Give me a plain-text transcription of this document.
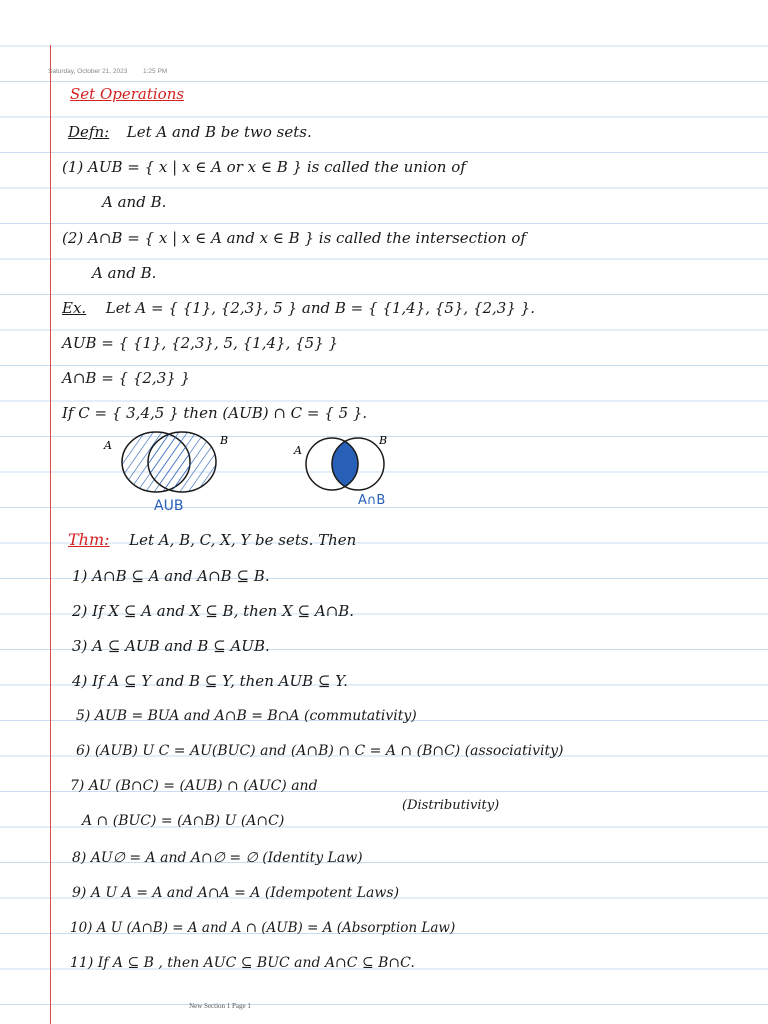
Saturday, October 21, 2023 1:25 PM
Set Operations
Defn: Let A and B be two sets.
(1) AUB = { x | x ∈ A or x ∈ B } is called the union of
A and B.
(2) A∩B = { x | x ∈ A and x ∈ B } is called the intersection of
A and B.
Ex. Let A = { {1}, {2,3}, 5 } and B = { {1,4}, {5}, {2,3} }.
AUB = { {1}, {2,3}, 5, {1,4}, {5} }
A∩B = { {2,3} }
If C = { 3,4,5 } then (AUB) ∩ C = { 5 }.
A	B
AUB
A
B
A∩B
Thm: Let A, B, C, X, Y be sets. Then
1) A∩B ⊆ A and A∩B ⊆ B.
2) If X ⊆ A and X ⊆ B, then X ⊆ A∩B.
3) A ⊆ AUB and B ⊆ AUB.
4) If A ⊆ Y and B ⊆ Y, then AUB ⊆ Y.
5) AUB = BUA and A∩B = B∩A (commutativity)
6) (AUB) U C = AU(BUC) and (A∩B) ∩ C = A ∩ (B∩C) (associativity)
7) AU (B∩C) = (AUB) ∩ (AUC) and
(Distributivity)
A ∩ (BUC) = (A∩B) U (A∩C)
8) AU∅ = A and A∩∅ = ∅ (Identity Law)
9) A U A = A and A∩A = A (Idempotent Laws)
10) A U (A∩B) = A and A ∩ (AUB) = A (Absorption Law)
11) If A ⊆ B , then AUC ⊆ BUC and A∩C ⊆ B∩C.
New Section 1 Page 1
